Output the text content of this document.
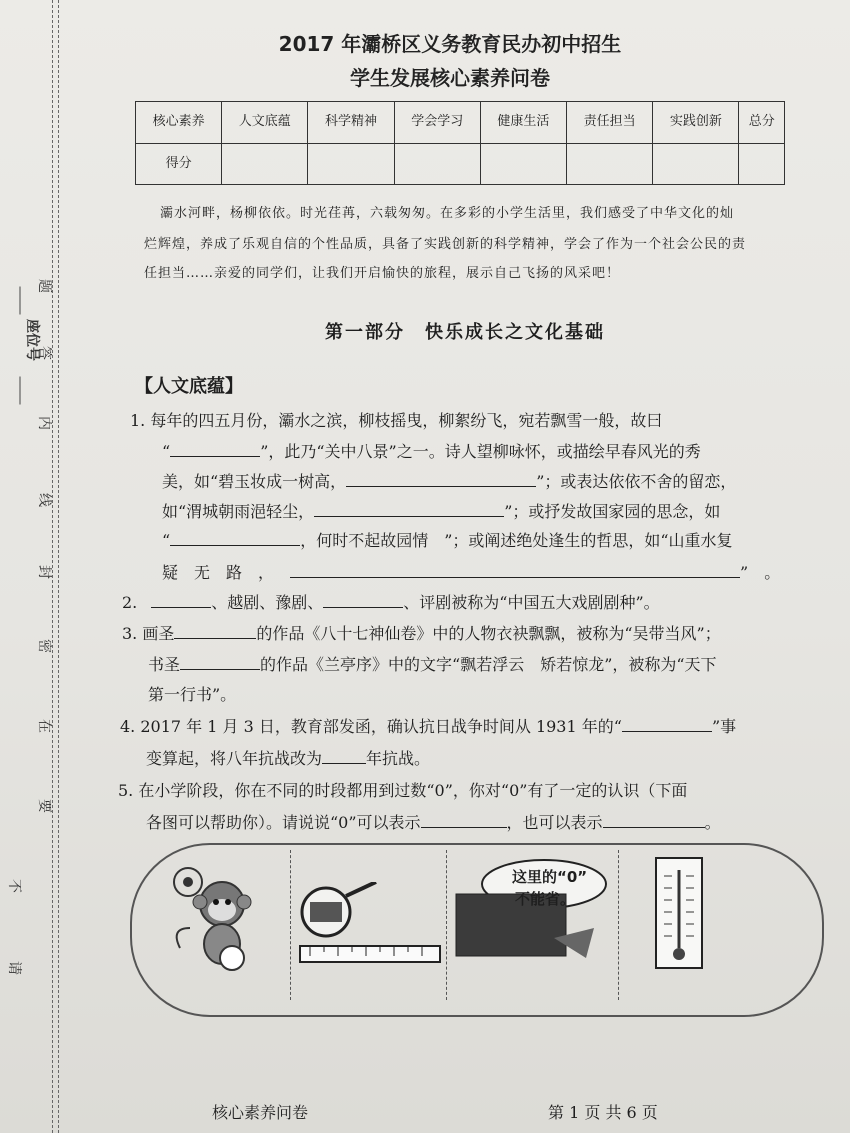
座位号
题
答
内
线
封
密
在
要
不
请
2017 年灞桥区义务教育民办初中招生
学生发展核心素养问卷
核心素养	人文底蕴	科学精神	学会学习	健康生活	责任担当	实践创新	总分
得分							
灞水河畔，杨柳依依。时光荏苒，六载匆匆。在多彩的小学生活里，我们感受了中华文化的灿
烂辉煌，养成了乐观自信的个性品质，具备了实践创新的科学精神，学会了作为一个社会公民的责
任担当……亲爱的同学们，让我们开启愉快的旅程，展示自己飞扬的风采吧！
第一部分　快乐成长之文化基础
【人文底蕴】
1. 每年的四五月份，灞水之滨，柳枝摇曳，柳絮纷飞，宛若飘雪一般，故曰
“	”，此乃“关中八景”之一。诗人望柳咏怀，或描绘早春风光的秀
美，如“碧玉妆成一树高，	”；或表达依依不舍的留恋，
如“渭城朝雨浥轻尘，	”；或抒发故国家园的思念，如
“	，何时不起故园情　”；或阐述绝处逢生的哲思，如“山重水复
疑　无　路　，	”　。
2.	、越剧、豫剧、	、评剧被称为“中国五大戏剧剧种”。
3. 画圣	的作品《八十七神仙卷》中的人物衣袂飘飘，被称为“吴带当风”；
书圣	的作品《兰亭序》中的文字“飘若浮云　矫若惊龙”，被称为“天下
第一行书”。
4. 2017 年 1 月 3 日，教育部发函，确认抗日战争时间从 1931 年的“	”事
变算起，将八年抗战改为	年抗战。
5. 在小学阶段，你在不同的时段都用到过数“0”，你对“0”有了一定的认识（下面
各图可以帮助你）。请说说“0”可以表示	，也可以表示	。
这里的“0”
不能省。
核心素养问卷	第 1 页 共 6 页
